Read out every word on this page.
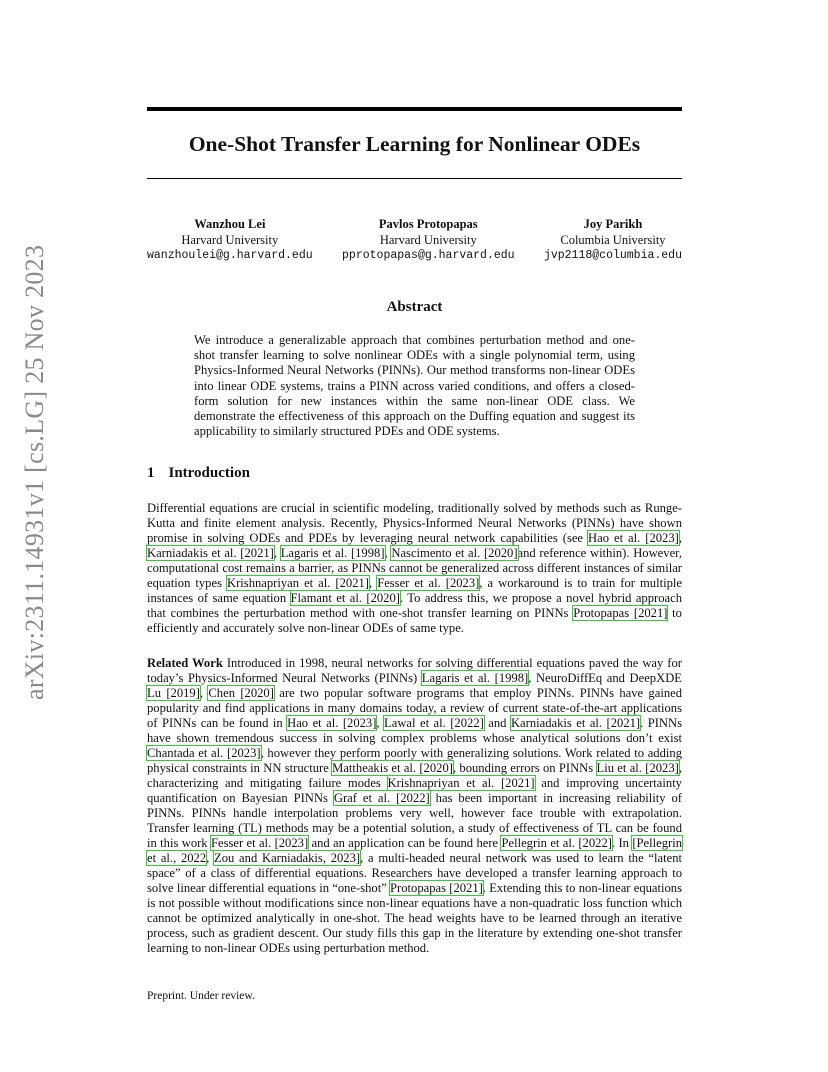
arXiv:2311.14931v1 [cs.LG] 25 Nov 2023
One-Shot Transfer Learning for Nonlinear ODEs
Wanzhou Lei
Harvard University
wanzhoulei@g.harvard.edu
Pavlos Protopapas
Harvard University
pprotopapas@g.harvard.edu
Joy Parikh
Columbia University
jvp2118@columbia.edu
Abstract

We introduce a generalizable approach that combines perturbation method and one-shot transfer learning to solve nonlinear ODEs with a single polynomial term, using Physics-Informed Neural Networks (PINNs). Our method transforms non-linear ODEs into linear ODE systems, trains a PINN across varied conditions, and offers a closed-form solution for new instances within the same non-linear ODE class. We demonstrate the effectiveness of this approach on the Duffing equation and suggest its applicability to similarly structured PDEs and ODE systems.

1 Introduction

Differential equations are crucial in scientific modeling, traditionally solved by methods such as Runge-Kutta and finite element analysis. Recently, Physics-Informed Neural Networks (PINNs) have shown promise in solving ODEs and PDEs by leveraging neural network capabilities (see Hao et al. [2023], Karniadakis et al. [2021], Lagaris et al. [1998], Nascimento et al. [2020]and reference within). However, computational cost remains a barrier, as PINNs cannot be generalized across different instances of similar equation types Krishnapriyan et al. [2021], Fesser et al. [2023], a workaround is to train for multiple instances of same equation Flamant et al. [2020]. To address this, we propose a novel hybrid approach that combines the perturbation method with one-shot transfer learning on PINNs Protopapas [2021] to efficiently and accurately solve non-linear ODEs of same type.

Related Work Introduced in 1998, neural networks for solving differential equations paved the way for today’s Physics-Informed Neural Networks (PINNs) Lagaris et al. [1998], NeuroDiffEq and DeepXDE Lu [2019], Chen [2020] are two popular software programs that employ PINNs. PINNs have gained popularity and find applications in many domains today, a review of current state-of-the-art applications of PINNs can be found in Hao et al. [2023], Lawal et al. [2022] and Karniadakis et al. [2021]. PINNs have shown tremendous success in solving complex problems whose analytical solutions don’t exist Chantada et al. [2023], however they perform poorly with generalizing solutions. Work related to adding physical constraints in NN structure Mattheakis et al. [2020], bounding errors on PINNs Liu et al. [2023], characterizing and mitigating failure modes Krishnapriyan et al. [2021] and improving uncertainty quantification on Bayesian PINNs Graf et al. [2022] has been important in increasing reliability of PINNs. PINNs handle interpolation problems very well, however face trouble with extrapolation. Transfer learning (TL) methods may be a potential solution, a study of effectiveness of TL can be found in this work Fesser et al. [2023] and an application can be found here Pellegrin et al. [2022]. In [Pellegrin et al., 2022, Zou and Karniadakis, 2023], a multi-headed neural network was used to learn the “latent space” of a class of differential equations. Researchers have developed a transfer learning approach to solve linear differential equations in “one-shot” Protopapas [2021]. Extending this to non-linear equations is not possible without modifications since non-linear equations have a non-quadratic loss function which cannot be optimized analytically in one-shot. The head weights have to be learned through an iterative process, such as gradient descent. Our study fills this gap in the literature by extending one-shot transfer learning to non-linear ODEs using perturbation method.

Preprint. Under review.
